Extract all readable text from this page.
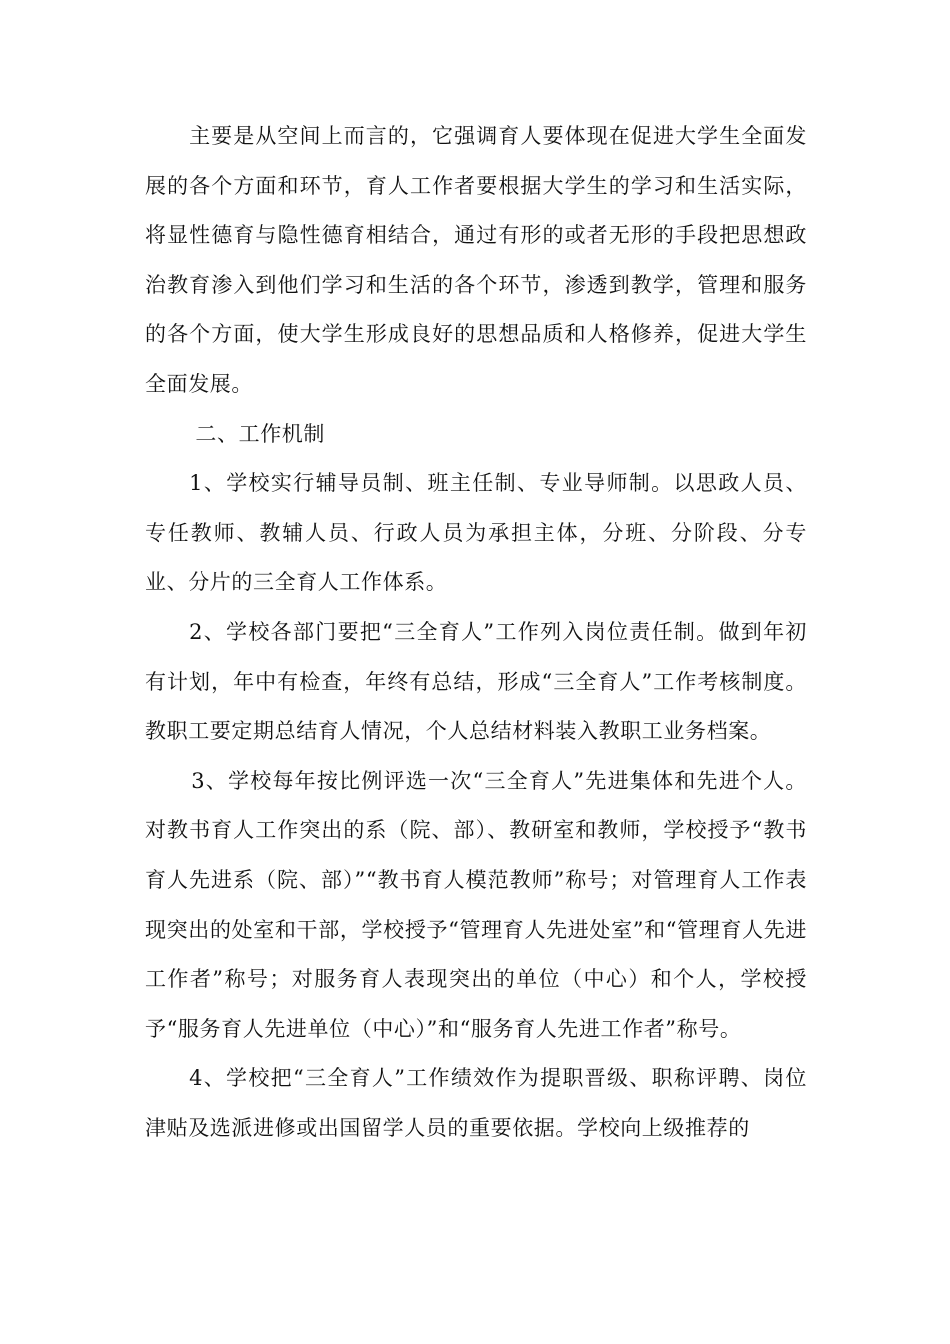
主要是从空间上而言的，它强调育人要体现在促进大学生全面发展的各个方面和环节，育人工作者要根据大学生的学习和生活实际，将显性德育与隐性德育相结合，通过有形的或者无形的手段把思想政治教育渗入到他们学习和生活的各个环节，渗透到教学，管理和服务的各个方面，使大学生形成良好的思想品质和人格修养，促进大学生全面发展。

二、工作机制

1、学校实行辅导员制、班主任制、专业导师制。以思政人员、专任教师、教辅人员、行政人员为承担主体，分班、分阶段、分专业、分片的三全育人工作体系。

2、学校各部门要把“三全育人”工作列入岗位责任制。做到年初有计划，年中有检查，年终有总结，形成“三全育人”工作考核制度。教职工要定期总结育人情况，个人总结材料装入教职工业务档案。

3、学校每年按比例评选一次“三全育人”先进集体和先进个人。对教书育人工作突出的系（院、部）、教研室和教师，学校授予“教书育人先进系（院、部）”“教书育人模范教师”称号；对管理育人工作表现突出的处室和干部，学校授予“管理育人先进处室”和“管理育人先进工作者”称号；对服务育人表现突出的单位（中心）和个人，学校授予“服务育人先进单位（中心）”和“服务育人先进工作者”称号。

4、学校把“三全育人”工作绩效作为提职晋级、职称评聘、岗位津贴及选派进修或出国留学人员的重要依据。学校向上级推荐的
